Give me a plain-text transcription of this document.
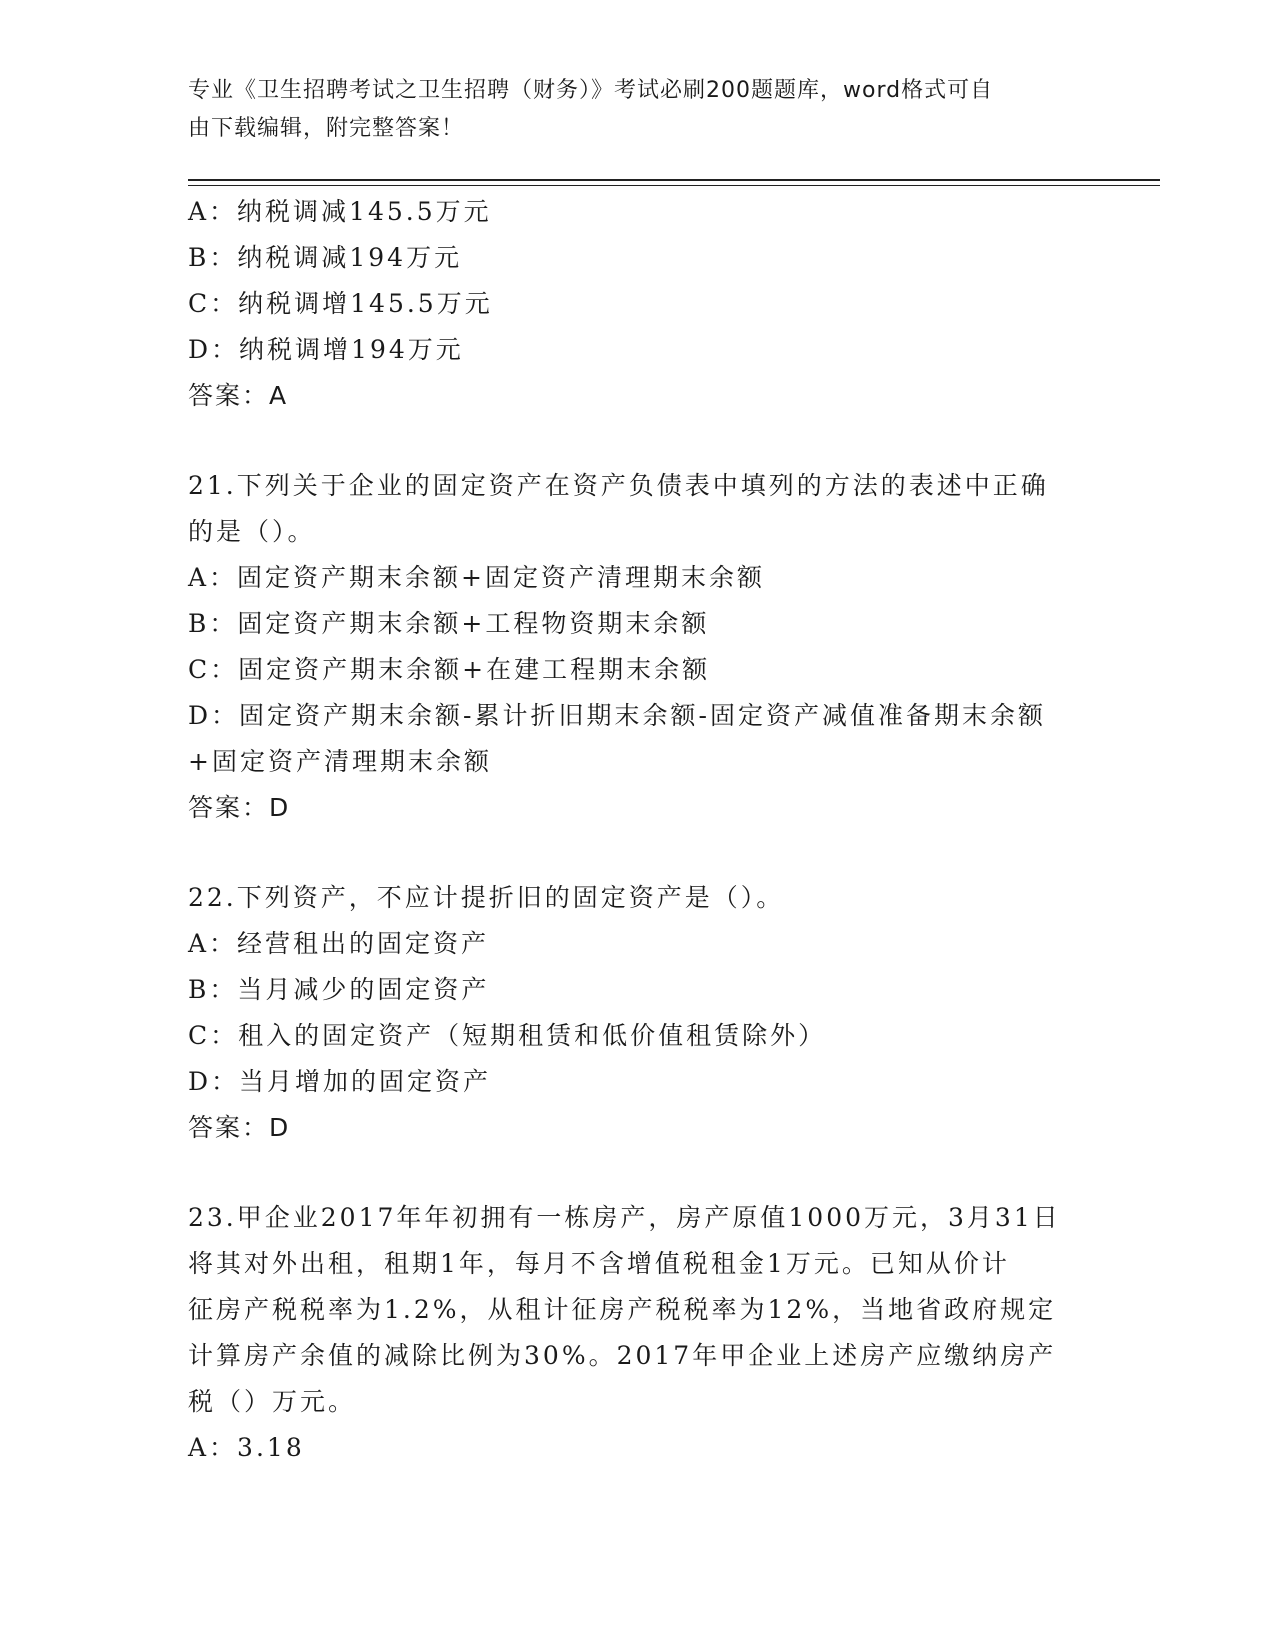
专业《卫生招聘考试之卫生招聘（财务）》考试必刷200题题库，word格式可自
由下载编辑，附完整答案！
A：纳税调减145.5万元
B：纳税调减194万元
C：纳税调增145.5万元
D：纳税调增194万元
答案：A
21.下列关于企业的固定资产在资产负债表中填列的方法的表述中正确
的是（）。
A：固定资产期末余额+固定资产清理期末余额
B：固定资产期末余额+工程物资期末余额
C：固定资产期末余额+在建工程期末余额
D：固定资产期末余额-累计折旧期末余额-固定资产减值准备期末余额
+固定资产清理期末余额
答案：D
22.下列资产，不应计提折旧的固定资产是（）。
A：经营租出的固定资产
B：当月减少的固定资产
C：租入的固定资产（短期租赁和低价值租赁除外）
D：当月增加的固定资产
答案：D
23.甲企业2017年年初拥有一栋房产，房产原值1000万元，3月31日
将其对外出租，租期1年，每月不含增值税租金1万元。已知从价计
征房产税税率为1.2%，从租计征房产税税率为12%，当地省政府规定
计算房产余值的减除比例为30%。2017年甲企业上述房产应缴纳房产
税（）万元。
A：3.18
